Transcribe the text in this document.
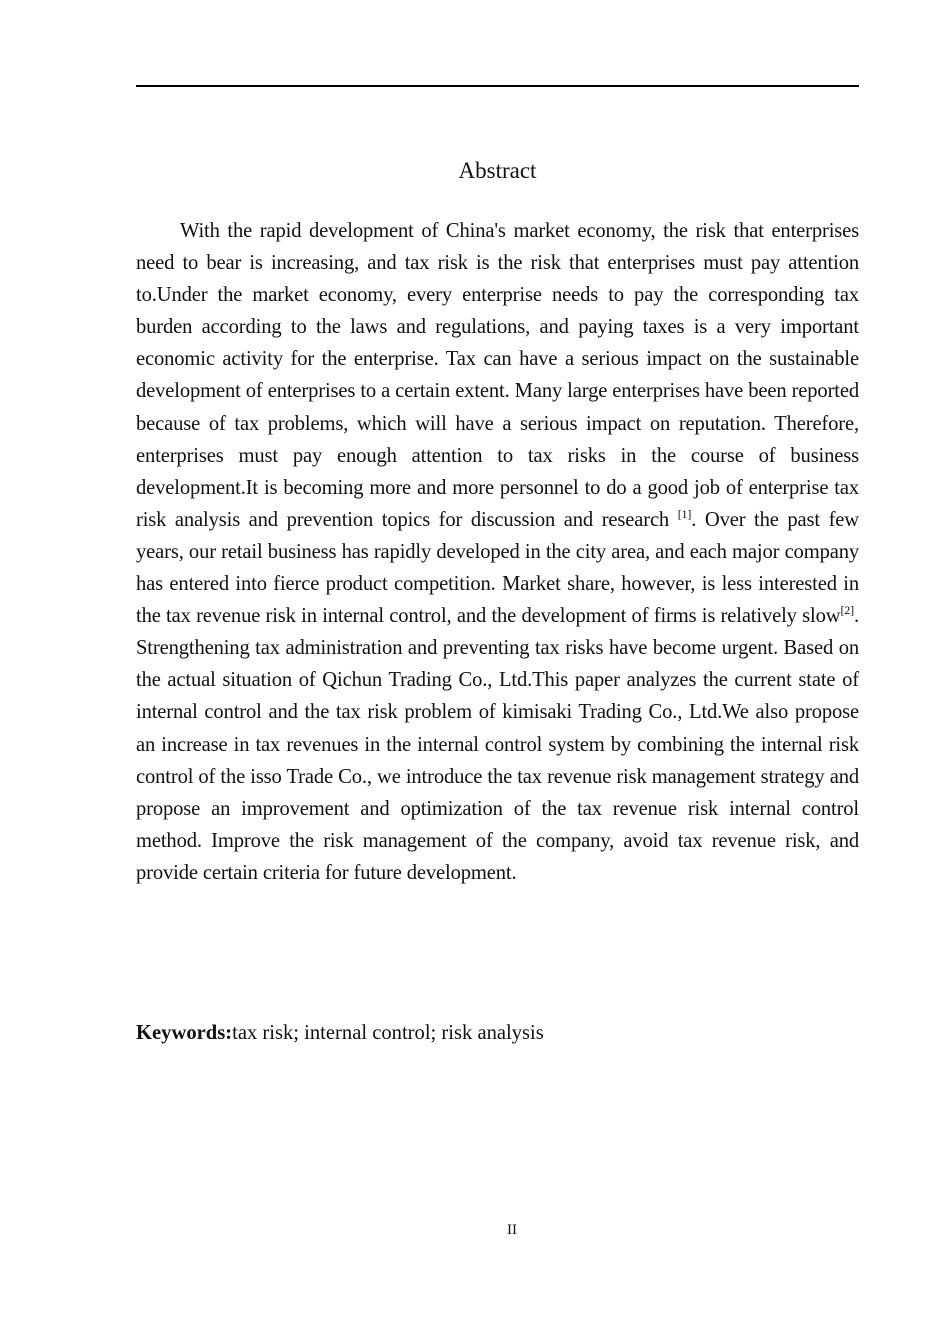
Abstract

With the rapid development of China's market economy, the risk that enterprises need to bear is increasing, and tax risk is the risk that enterprises must pay attention to.Under the market economy, every enterprise needs to pay the corresponding tax burden according to the laws and regulations, and paying taxes is a very important economic activity for the enterprise. Tax can have a serious impact on the sustainable development of enterprises to a certain extent. Many large enterprises have been reported because of tax problems, which will have a serious impact on reputation. Therefore, enterprises must pay enough attention to tax risks in the course of business development.It is becoming more and more personnel to do a good job of enterprise tax risk analysis and prevention topics for discussion and research [1]. Over the past few years, our retail business has rapidly developed in the city area, and each major company has entered into fierce product competition. Market share, however, is less interested in the tax revenue risk in internal control, and the development of firms is relatively slow[2]. Strengthening tax administration and preventing tax risks have become urgent. Based on the actual situation of Qichun Trading Co., Ltd.This paper analyzes the current state of internal control and the tax risk problem of kimisaki Trading Co., Ltd.We also propose an increase in tax revenues in the internal control system by combining the internal risk control of the isso Trade Co., we introduce the tax revenue risk management strategy and propose an improvement and optimization of the tax revenue risk internal control method. Improve the risk management of the company, avoid tax revenue risk, and provide certain criteria for future development.

Keywords:tax risk; internal control; risk analysis

II
